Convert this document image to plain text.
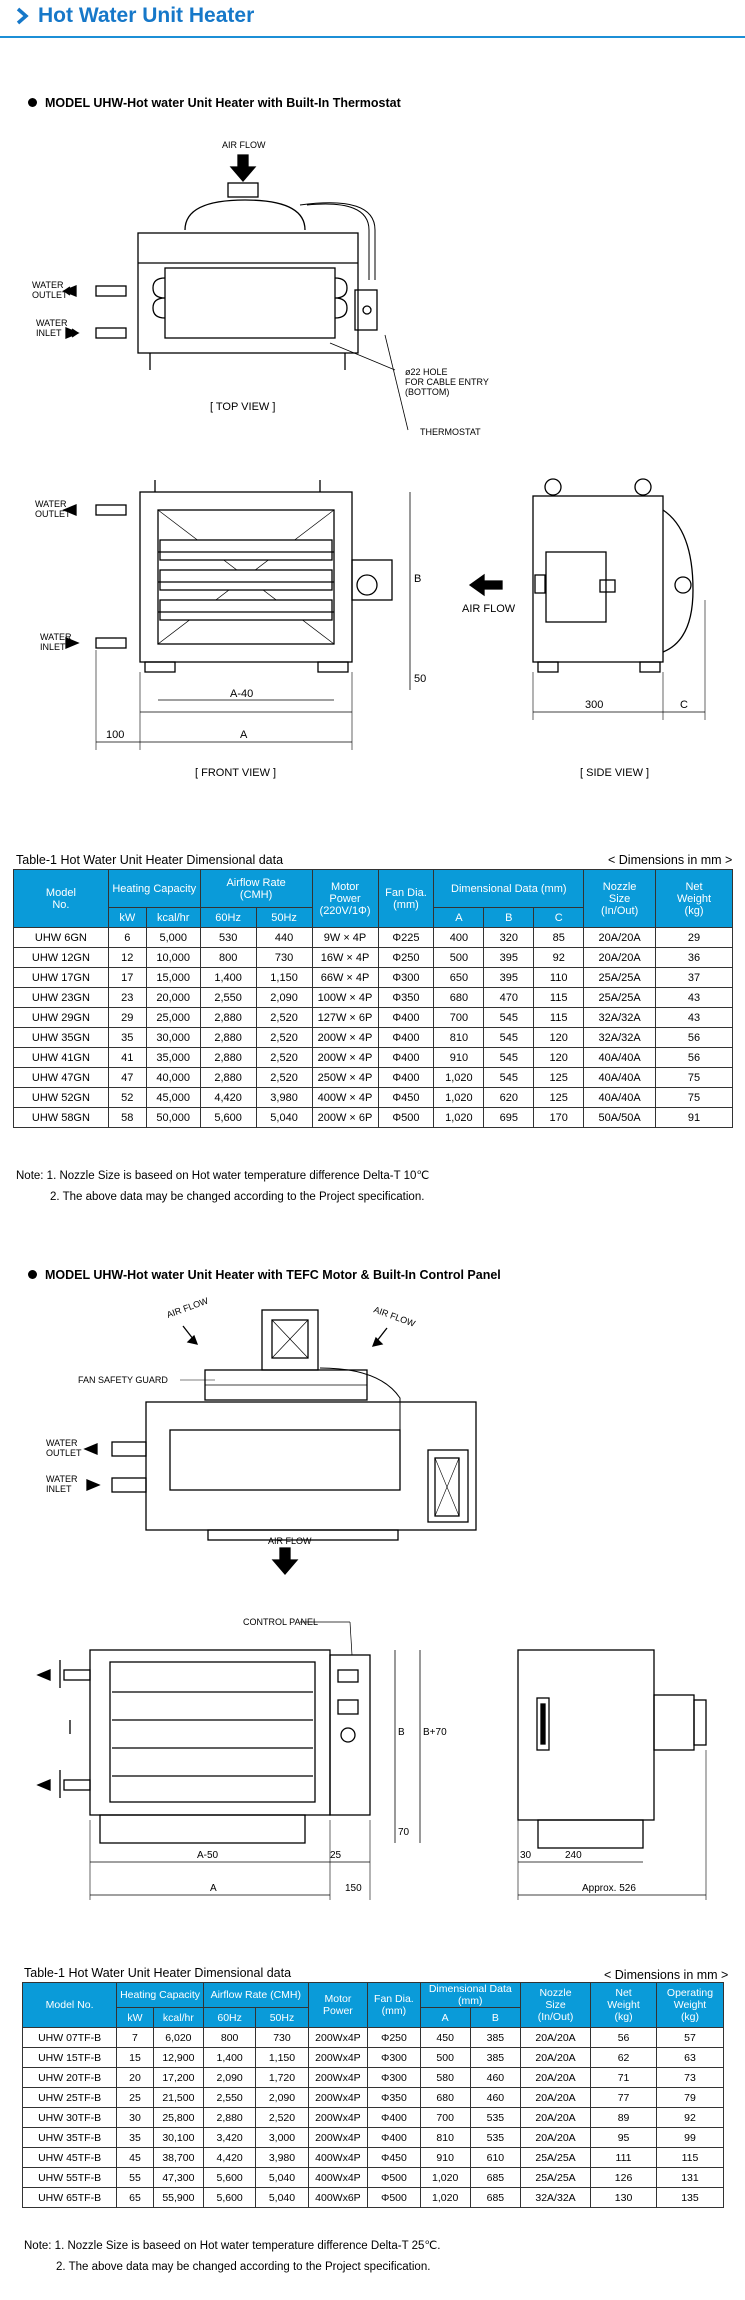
Hot Water Unit Heater
MODEL UHW-Hot water Unit Heater with Built-In Thermostat
AIR FLOW
WATER
OUTLET
WATER
INLET
ø22 HOLE
FOR CABLE ENTRY
(BOTTOM)
THERMOSTAT
[ TOP VIEW ]
WATER
OUTLET
WATER
INLET
A-40
A
100
B
50
[ FRONT VIEW ]
AIR FLOW
300	C
[ SIDE VIEW ]
Table-1 Hot Water Unit Heater Dimensional data	< Dimensions in mm >
Model
No.	Heating Capacity		Airflow Rate
(CMH)		Motor
Power
(220V/1Φ)	Fan Dia.
(mm)	Dimensional Data (mm)			Nozzle
Size
(In/Out)	Net
Weight
(kg)
	kW	kcal/hr	60Hz	50Hz			A	B	C		
UHW 6GN	6	5,000	530	440	9W × 4P	Φ225	400	320	85	20A/20A	29
UHW 12GN	12	10,000	800	730	16W × 4P	Φ250	500	395	92	20A/20A	36
UHW 17GN	17	15,000	1,400	1,150	66W × 4P	Φ300	650	395	110	25A/25A	37
UHW 23GN	23	20,000	2,550	2,090	100W × 4P	Φ350	680	470	115	25A/25A	43
UHW 29GN	29	25,000	2,880	2,520	127W × 6P	Φ400	700	545	115	32A/32A	43
UHW 35GN	35	30,000	2,880	2,520	200W × 4P	Φ400	810	545	120	32A/32A	56
UHW 41GN	41	35,000	2,880	2,520	200W × 4P	Φ400	910	545	120	40A/40A	56
UHW 47GN	47	40,000	2,880	2,520	250W × 4P	Φ400	1,020	545	125	40A/40A	75
UHW 52GN	52	45,000	4,420	3,980	400W × 4P	Φ450	1,020	620	125	40A/40A	75
UHW 58GN	58	50,000	5,600	5,040	200W × 6P	Φ500	1,020	695	170	50A/50A	91
Note: 1. Nozzle Size is baseed on Hot water temperature difference Delta-T 10℃
2. The above data may be changed according to the Project specification.
MODEL UHW-Hot water Unit Heater with TEFC Motor & Built-In Control Panel
AIR FLOW	AIR FLOW
FAN SAFETY GUARD
WATER
OUTLET
WATER
INLET
AIR FLOW
CONTROL PANEL
A-50
A
25
150
B B+70
70
30	240
Approx. 526
Table-1 Hot Water Unit Heater Dimensional data	< Dimensions in mm >
Model No.	Heating Capacity		Airflow Rate (CMH)		Motor
Power	Fan Dia.
(mm)	Dimensional Data
(mm)		Nozzle
Size
(In/Out)	Net
Weight
(kg)	Operating
Weight
(kg)
	kW	kcal/hr	60Hz	50Hz			A	B			
UHW 07TF-B	7	6,020	800	730	200Wx4P	Φ250	450	385	20A/20A	56	57
UHW 15TF-B	15	12,900	1,400	1,150	200Wx4P	Φ300	500	385	20A/20A	62	63
UHW 20TF-B	20	17,200	2,090	1,720	200Wx4P	Φ300	580	460	20A/20A	71	73
UHW 25TF-B	25	21,500	2,550	2,090	200Wx4P	Φ350	680	460	20A/20A	77	79
UHW 30TF-B	30	25,800	2,880	2,520	200Wx4P	Φ400	700	535	20A/20A	89	92
UHW 35TF-B	35	30,100	3,420	3,000	200Wx4P	Φ400	810	535	20A/20A	95	99
UHW 45TF-B	45	38,700	4,420	3,980	400Wx4P	Φ450	910	610	25A/25A	111	115
UHW 55TF-B	55	47,300	5,600	5,040	400Wx4P	Φ500	1,020	685	25A/25A	126	131
UHW 65TF-B	65	55,900	5,600	5,040	400Wx6P	Φ500	1,020	685	32A/32A	130	135
Note: 1. Nozzle Size is baseed on Hot water temperature difference Delta-T 25℃.
2. The above data may be changed according to the Project specification.
